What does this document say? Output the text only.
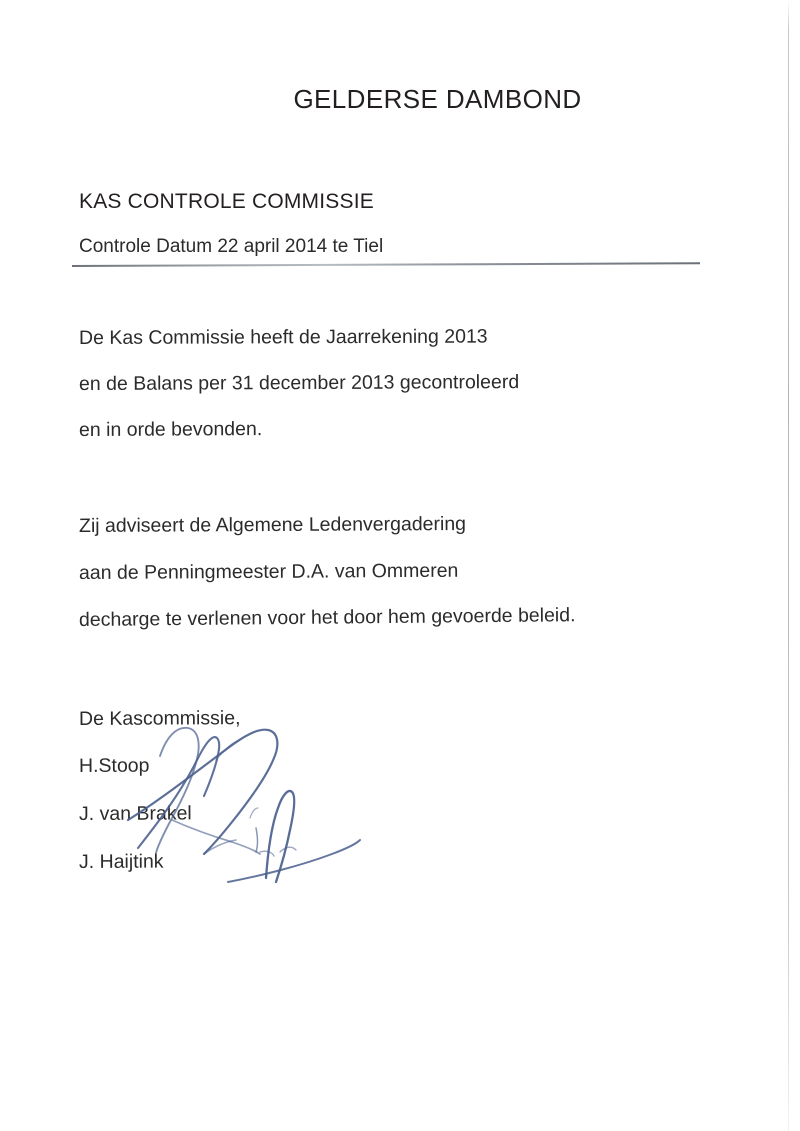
GELDERSE DAMBOND
KAS CONTROLE COMMISSIE
Controle Datum 22 april 2014 te Tiel
De Kas Commissie heeft de Jaarrekening 2013
en de Balans per 31 december 2013 gecontroleerd
en in orde bevonden.
Zij adviseert de Algemene Ledenvergadering
aan de Penningmeester D.A. van Ommeren
decharge te verlenen voor het door hem gevoerde beleid.
De Kascommissie,
H.Stoop
J. van Brakel
J. Haijtink
